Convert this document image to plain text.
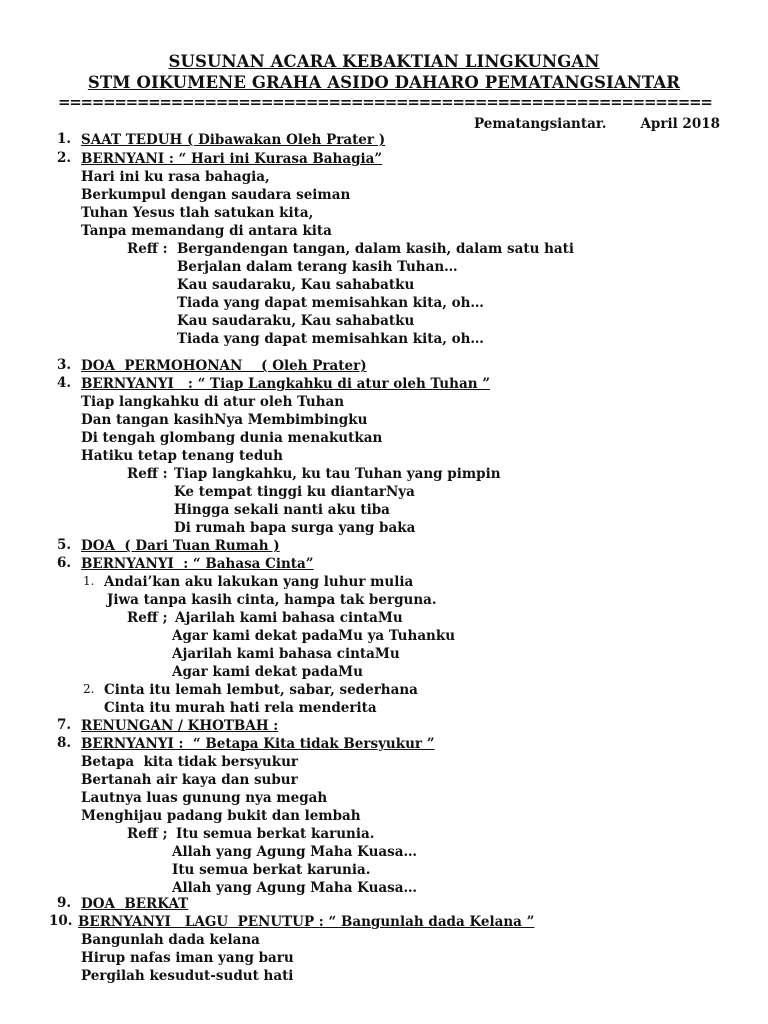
SUSUNAN ACARA KEBAKTIAN LINGKUNGAN
STM OIKUMENE GRAHA ASIDO DAHARO PEMATANGSIANTAR
==========================================================
Pematangsiantar.	April 2018
1. SAAT TEDUH ( Dibawakan Oleh Prater )
2. BERNYANI : “ Hari ini Kurasa Bahagia”
Hari ini ku rasa bahagia,
Berkumpul dengan saudara seiman
Tuhan Yesus tlah satukan kita,
Tanpa memandang di antara kita
Reff : Bergandengan tangan, dalam kasih, dalam satu hati
Berjalan dalam terang kasih Tuhan…
Kau saudaraku, Kau sahabatku
Tiada yang dapat memisahkan kita, oh…
Kau saudaraku, Kau sahabatku
Tiada yang dapat memisahkan kita, oh…
3. DOA  PERMOHONAN    ( Oleh Prater)
4. BERNYANYI   : “ Tiap Langkahku di atur oleh Tuhan ”
Tiap langkahku di atur oleh Tuhan
Dan tangan kasihNya Membimbingku
Di tengah glombang dunia menakutkan
Hatiku tetap tenang teduh
Reff : Tiap langkahku, ku tau Tuhan yang pimpin
Ke tempat tinggi ku diantarNya
Hingga sekali nanti aku tiba
Di rumah bapa surga yang baka
5. DOA  ( Dari Tuan Rumah )
6. BERNYANYI  : “ Bahasa Cinta”
1. Andai’kan aku lakukan yang luhur mulia
Jiwa tanpa kasih cinta, hampa tak berguna.
Reff ; Ajarilah kami bahasa cintaMu
Agar kami dekat padaMu ya Tuhanku
Ajarilah kami bahasa cintaMu
Agar kami dekat padaMu
2. Cinta itu lemah lembut, sabar, sederhana
Cinta itu murah hati rela menderita
7. RENUNGAN / KHOTBAH :
8. BERNYANYI :  “ Betapa Kita tidak Bersyukur ”
Betapa  kita tidak bersyukur
Bertanah air kaya dan subur
Lautnya luas gunung nya megah
Menghijau padang bukit dan lembah
Reff ; Itu semua berkat karunia.
Allah yang Agung Maha Kuasa…
Itu semua berkat karunia.
Allah yang Agung Maha Kuasa…
9. DOA  BERKAT
10. BERNYANYI   LAGU  PENUTUP : “ Bangunlah dada Kelana ”
Bangunlah dada kelana
Hirup nafas iman yang baru
Pergilah kesudut-sudut hati
